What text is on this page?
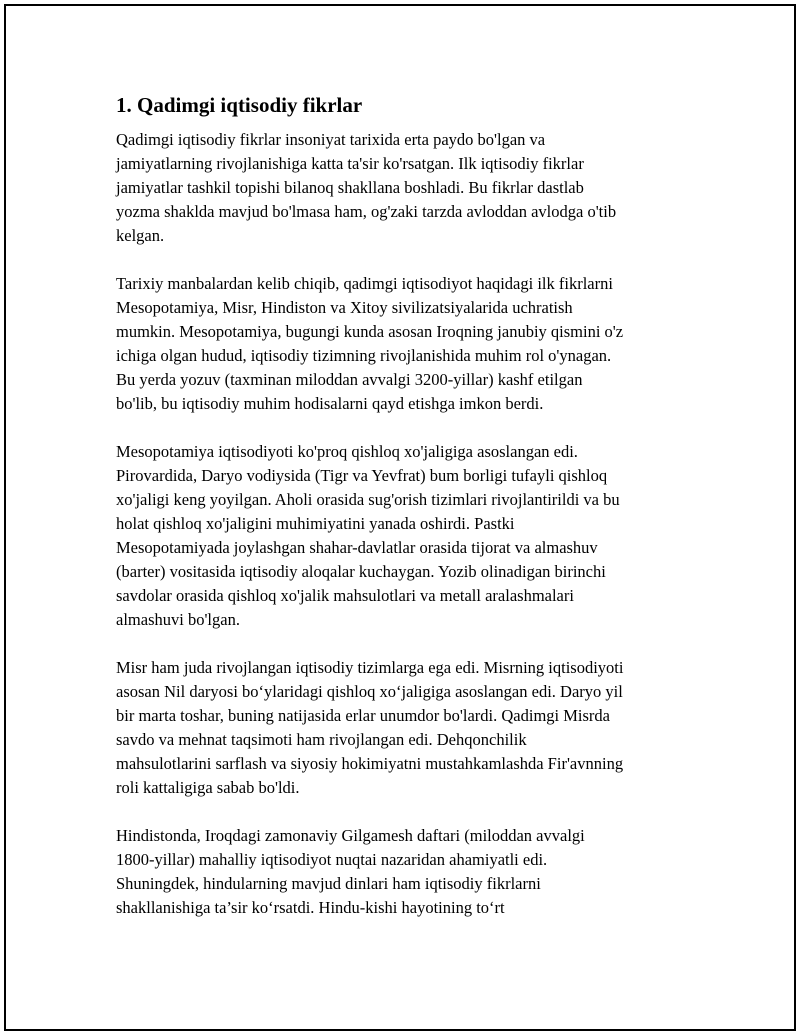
1. Qadimgi iqtisodiy fikrlar

Qadimgi iqtisodiy fikrlar insoniyat tarixida erta paydo bo'lgan va
jamiyatlarning rivojlanishiga katta ta'sir ko'rsatgan. Ilk iqtisodiy fikrlar
jamiyatlar tashkil topishi bilanoq shakllana boshladi. Bu fikrlar dastlab
yozma shaklda mavjud bo'lmasa ham, og'zaki tarzda avloddan avlodga o'tib
kelgan.

Tarixiy manbalardan kelib chiqib, qadimgi iqtisodiyot haqidagi ilk fikrlarni
Mesopotamiya, Misr, Hindiston va Xitoy sivilizatsiyalarida uchratish
mumkin. Mesopotamiya, bugungi kunda asosan Iroqning janubiy qismini o'z
ichiga olgan hudud, iqtisodiy tizimning rivojlanishida muhim rol o'ynagan.
Bu yerda yozuv (taxminan miloddan avvalgi 3200-yillar) kashf etilgan
bo'lib, bu iqtisodiy muhim hodisalarni qayd etishga imkon berdi.

Mesopotamiya iqtisodiyoti ko'proq qishloq xo'jaligiga asoslangan edi.
Pirovardida, Daryo vodiysida (Tigr va Yevfrat) bum borligi tufayli qishloq
xo'jaligi keng yoyilgan. Aholi orasida sug'orish tizimlari rivojlantirildi va bu
holat qishloq xo'jaligini muhimiyatini yanada oshirdi. Pastki
Mesopotamiyada joylashgan shahar-davlatlar orasida tijorat va almashuv
(barter) vositasida iqtisodiy aloqalar kuchaygan. Yozib olinadigan birinchi
savdolar orasida qishloq xo'jalik mahsulotlari va metall aralashmalari
almashuvi bo'lgan.

Misr ham juda rivojlangan iqtisodiy tizimlarga ega edi. Misrning iqtisodiyoti
asosan Nil daryosi bo‘ylaridagi qishloq xo‘jaligiga asoslangan edi. Daryo yil
bir marta toshar, buning natijasida erlar unumdor bo'lardi. Qadimgi Misrda
savdo va mehnat taqsimoti ham rivojlangan edi. Dehqonchilik
mahsulotlarini sarflash va siyosiy hokimiyatni mustahkamlashda Fir'avnning
roli kattaligiga sabab bo'ldi.

Hindistonda, Iroqdagi zamonaviy Gilgamesh daftari (miloddan avvalgi
1800-yillar) mahalliy iqtisodiyot nuqtai nazaridan ahamiyatli edi.
Shuningdek, hindularning mavjud dinlari ham iqtisodiy fikrlarni
shakllanishiga ta’sir ko‘rsatdi. Hindu-kishi hayotining to‘rt
